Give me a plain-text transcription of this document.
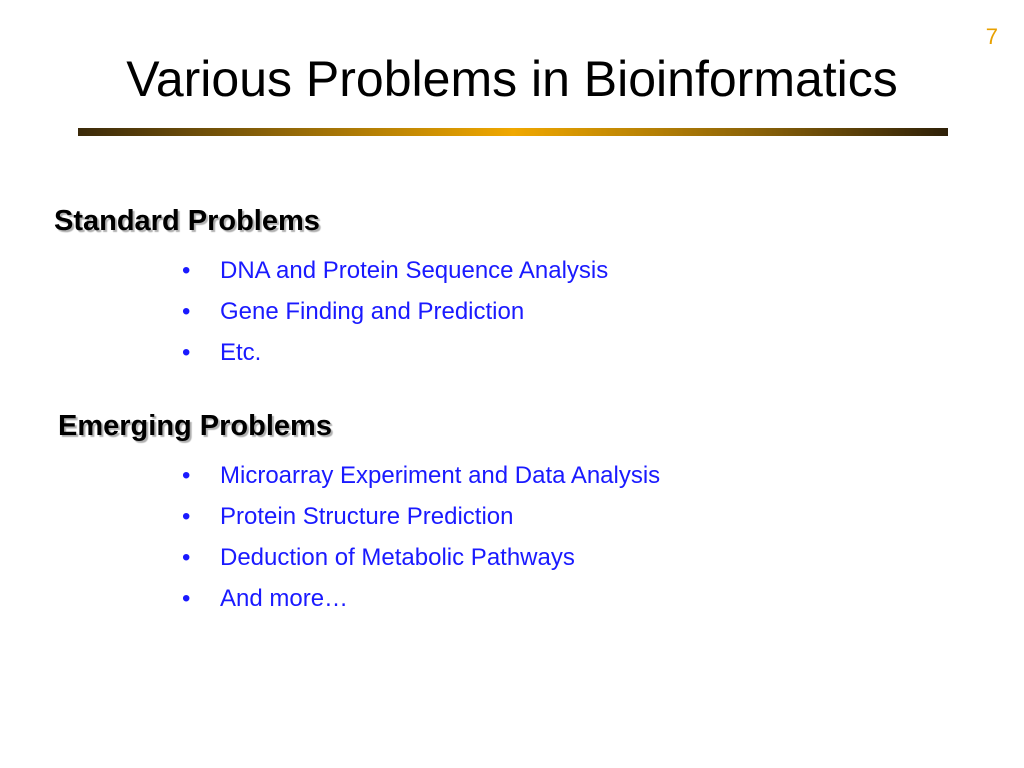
7
Various Problems in Bioinformatics
Standard Problems
• DNA and Protein Sequence Analysis
• Gene Finding and Prediction
• Etc.
Emerging Problems
• Microarray Experiment and Data Analysis
• Protein Structure Prediction
• Deduction of Metabolic Pathways
• And more…
